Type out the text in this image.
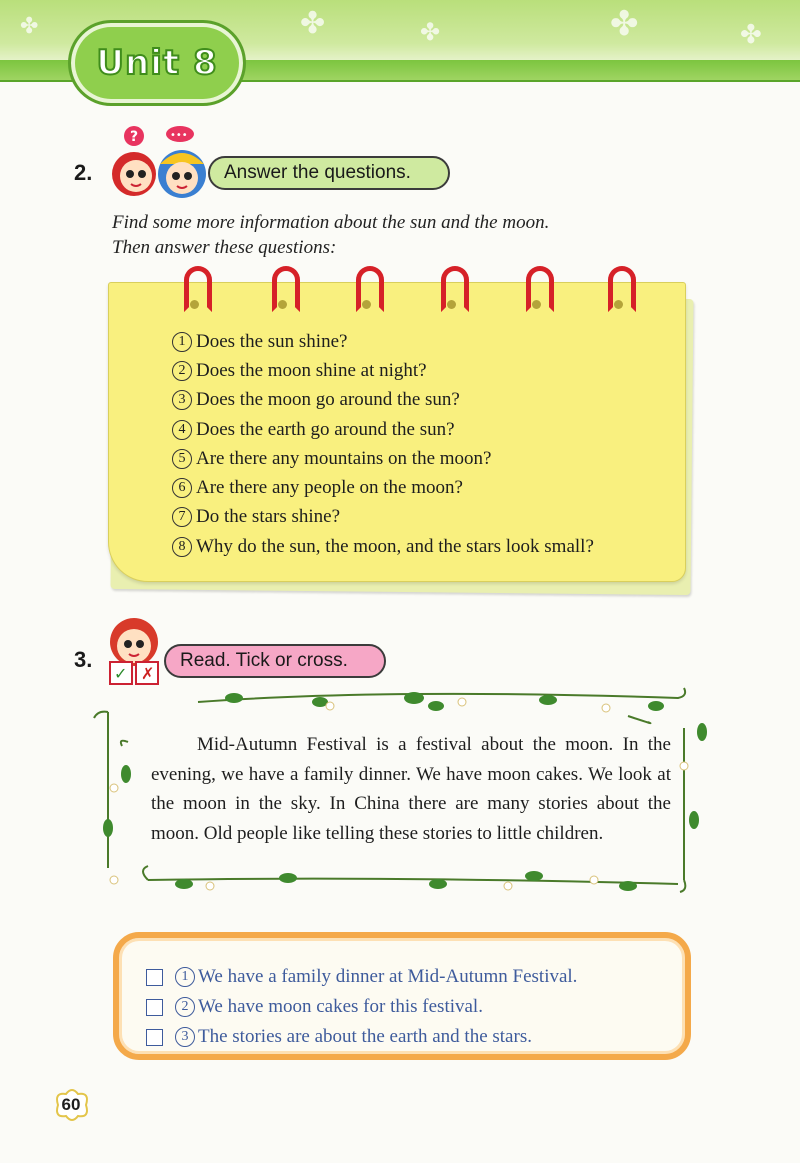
✤	✤	✤	✤
✤
Unit 8
2.
?	•••
Answer the questions.
Find some more information about the sun and the moon.
Then answer these questions:
1 Does the sun shine?
2 Does the moon shine at night?
3 Does the moon go around the sun?
4 Does the earth go around the sun?
5 Are there any mountains on the moon?
6 Are there any people on the moon?
7 Do the stars shine?
8 Why do the sun, the moon, and the stars look small?
3.
✓ ✗
Read. Tick or cross.

Mid-Autumn Festival is a festival about the moon. In the evening, we have a family dinner. We have moon cakes. We look at the moon in the sky. In China there are many stories about the moon. Old people like telling these stories to little children.

1 We have a family dinner at Mid-Autumn Festival.
2 We have moon cakes for this festival.
3 The stories are about the earth and the stars.
60
